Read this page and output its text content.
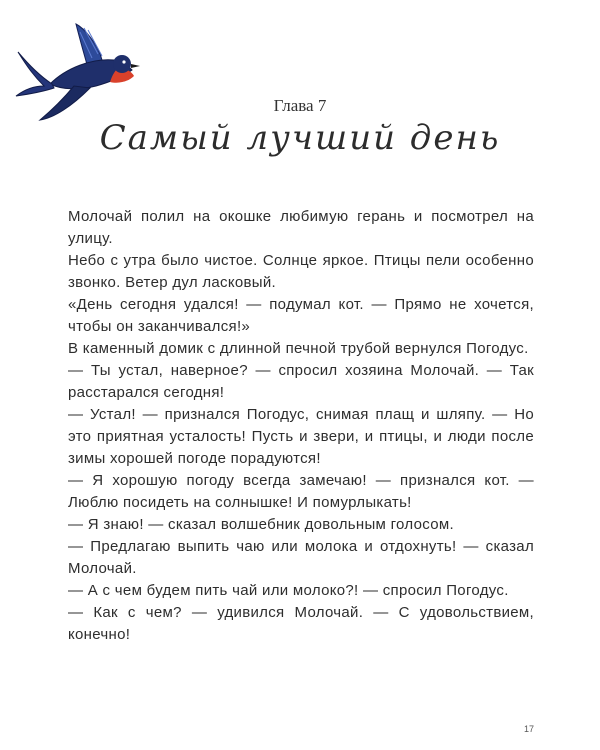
Глава 7
Самый лучший день

Молочай полил на окошке любимую герань и посмотрел на улицу.

Небо с утра было чистое. Солнце яркое. Птицы пели особенно звонко. Ветер дул ласковый.

«День сегодня удался! — подумал кот. — Прямо не хочется, чтобы он заканчивался!»

В каменный домик с длинной печной трубой вернулся Погодус.

— Ты устал, наверное? — спросил хозяина Молочай. — Так расстарался сегодня!

— Устал! — признался Погодус, снимая плащ и шляпу. — Но это приятная усталость! Пусть и звери, и птицы, и люди после зимы хорошей погоде порадуются!

— Я хорошую погоду всегда замечаю! — признался кот. — Люблю посидеть на солнышке! И помурлыкать!

— Я знаю! — сказал волшебник довольным голосом.

— Предлагаю выпить чаю или молока и отдохнуть! — сказал Молочай.

— А с чем будем пить чай или молоко?! — спросил Погодус.

— Как с чем? — удивился Молочай. — С удовольствием, конечно!

17
